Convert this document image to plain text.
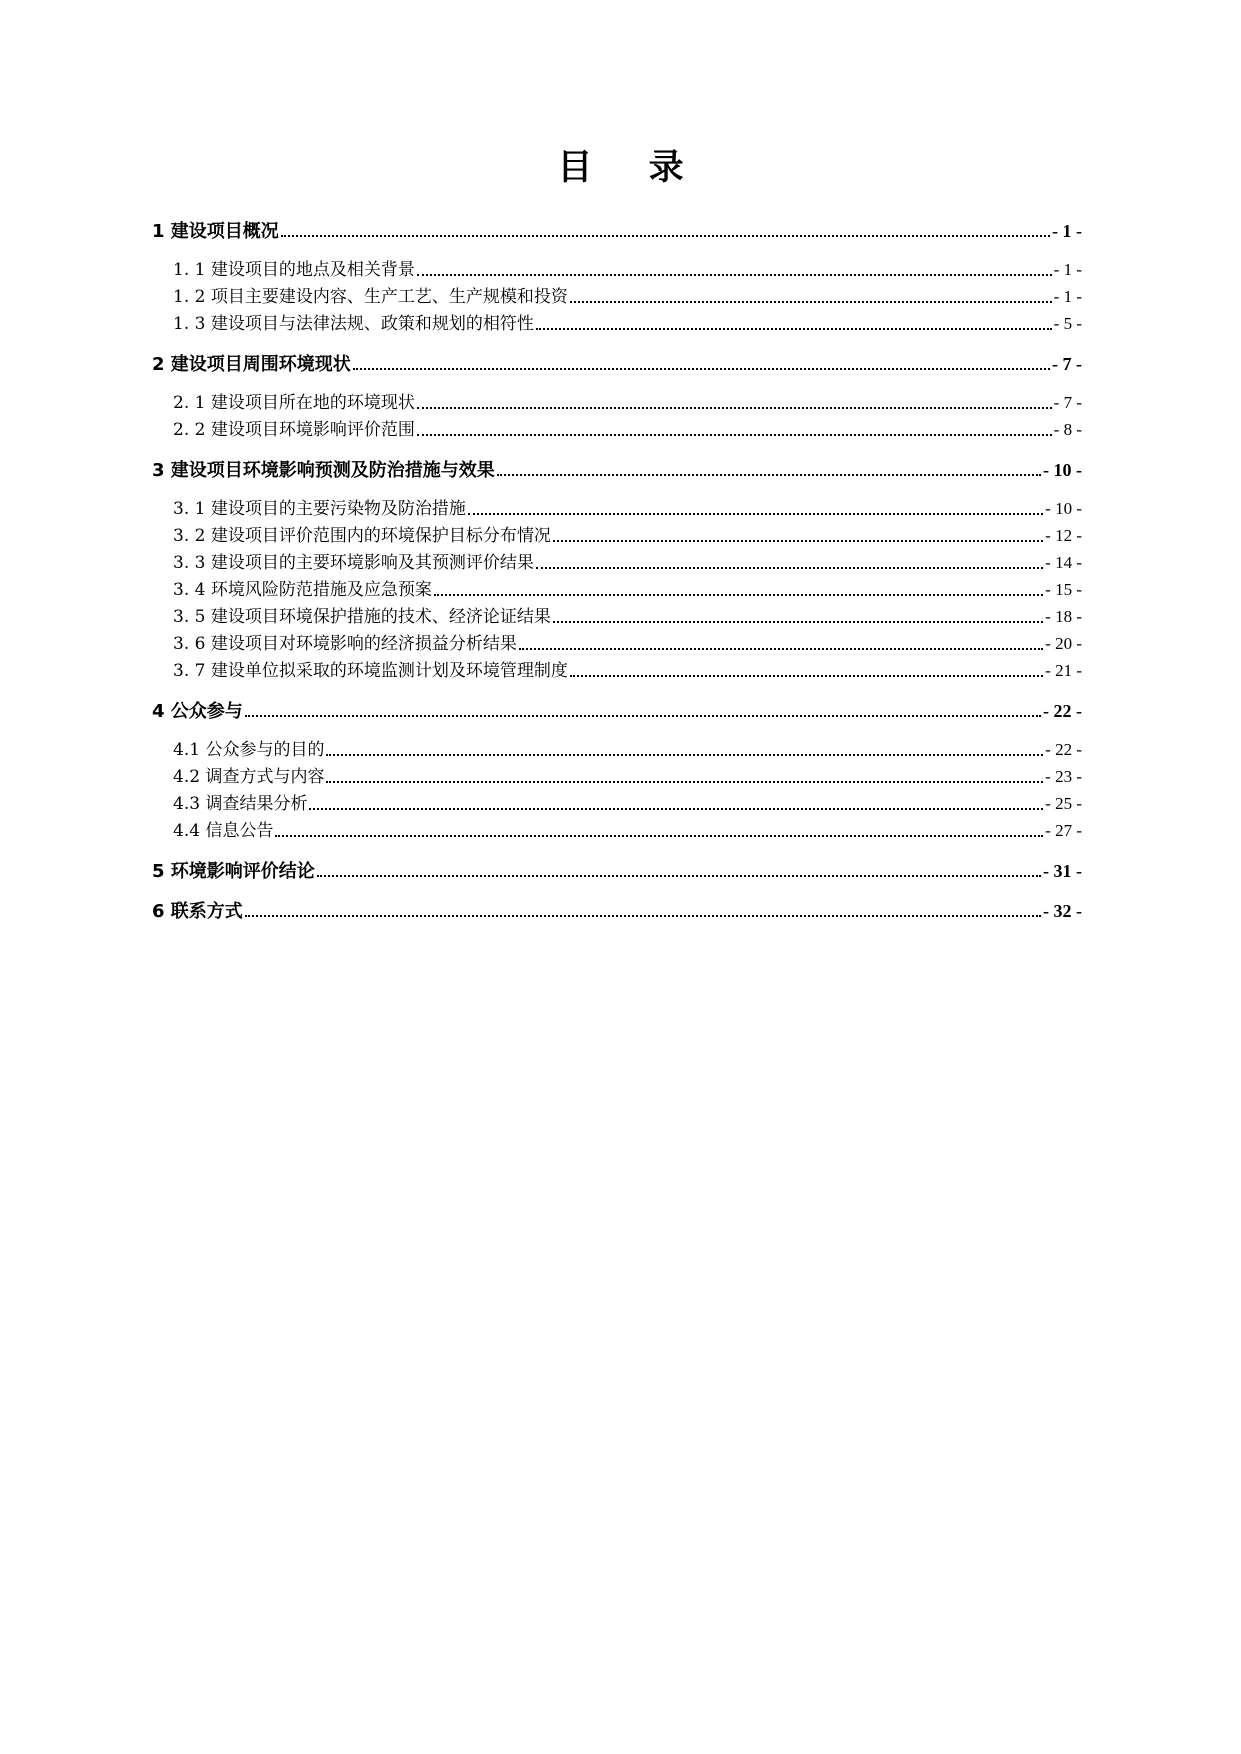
目 录
1 建设项目概况	- 1 -
1. 1 建设项目的地点及相关背景	- 1 -
1. 2 项目主要建设内容、生产工艺、生产规模和投资	- 1 -
1. 3 建设项目与法律法规、政策和规划的相符性	- 5 -
2 建设项目周围环境现状	- 7 -
2. 1 建设项目所在地的环境现状	- 7 -
2. 2 建设项目环境影响评价范围	- 8 -
3 建设项目环境影响预测及防治措施与效果	- 10 -
3. 1 建设项目的主要污染物及防治措施	- 10 -
3. 2 建设项目评价范围内的环境保护目标分布情况	- 12 -
3. 3 建设项目的主要环境影响及其预测评价结果	- 14 -
3. 4 环境风险防范措施及应急预案	- 15 -
3. 5 建设项目环境保护措施的技术、经济论证结果	- 18 -
3. 6 建设项目对环境影响的经济损益分析结果	- 20 -
3. 7 建设单位拟采取的环境监测计划及环境管理制度	- 21 -
4 公众参与	- 22 -
4.1 公众参与的目的	- 22 -
4.2 调查方式与内容	- 23 -
4.3 调查结果分析	- 25 -
4.4 信息公告	- 27 -
5 环境影响评价结论	- 31 -
6 联系方式	- 32 -
